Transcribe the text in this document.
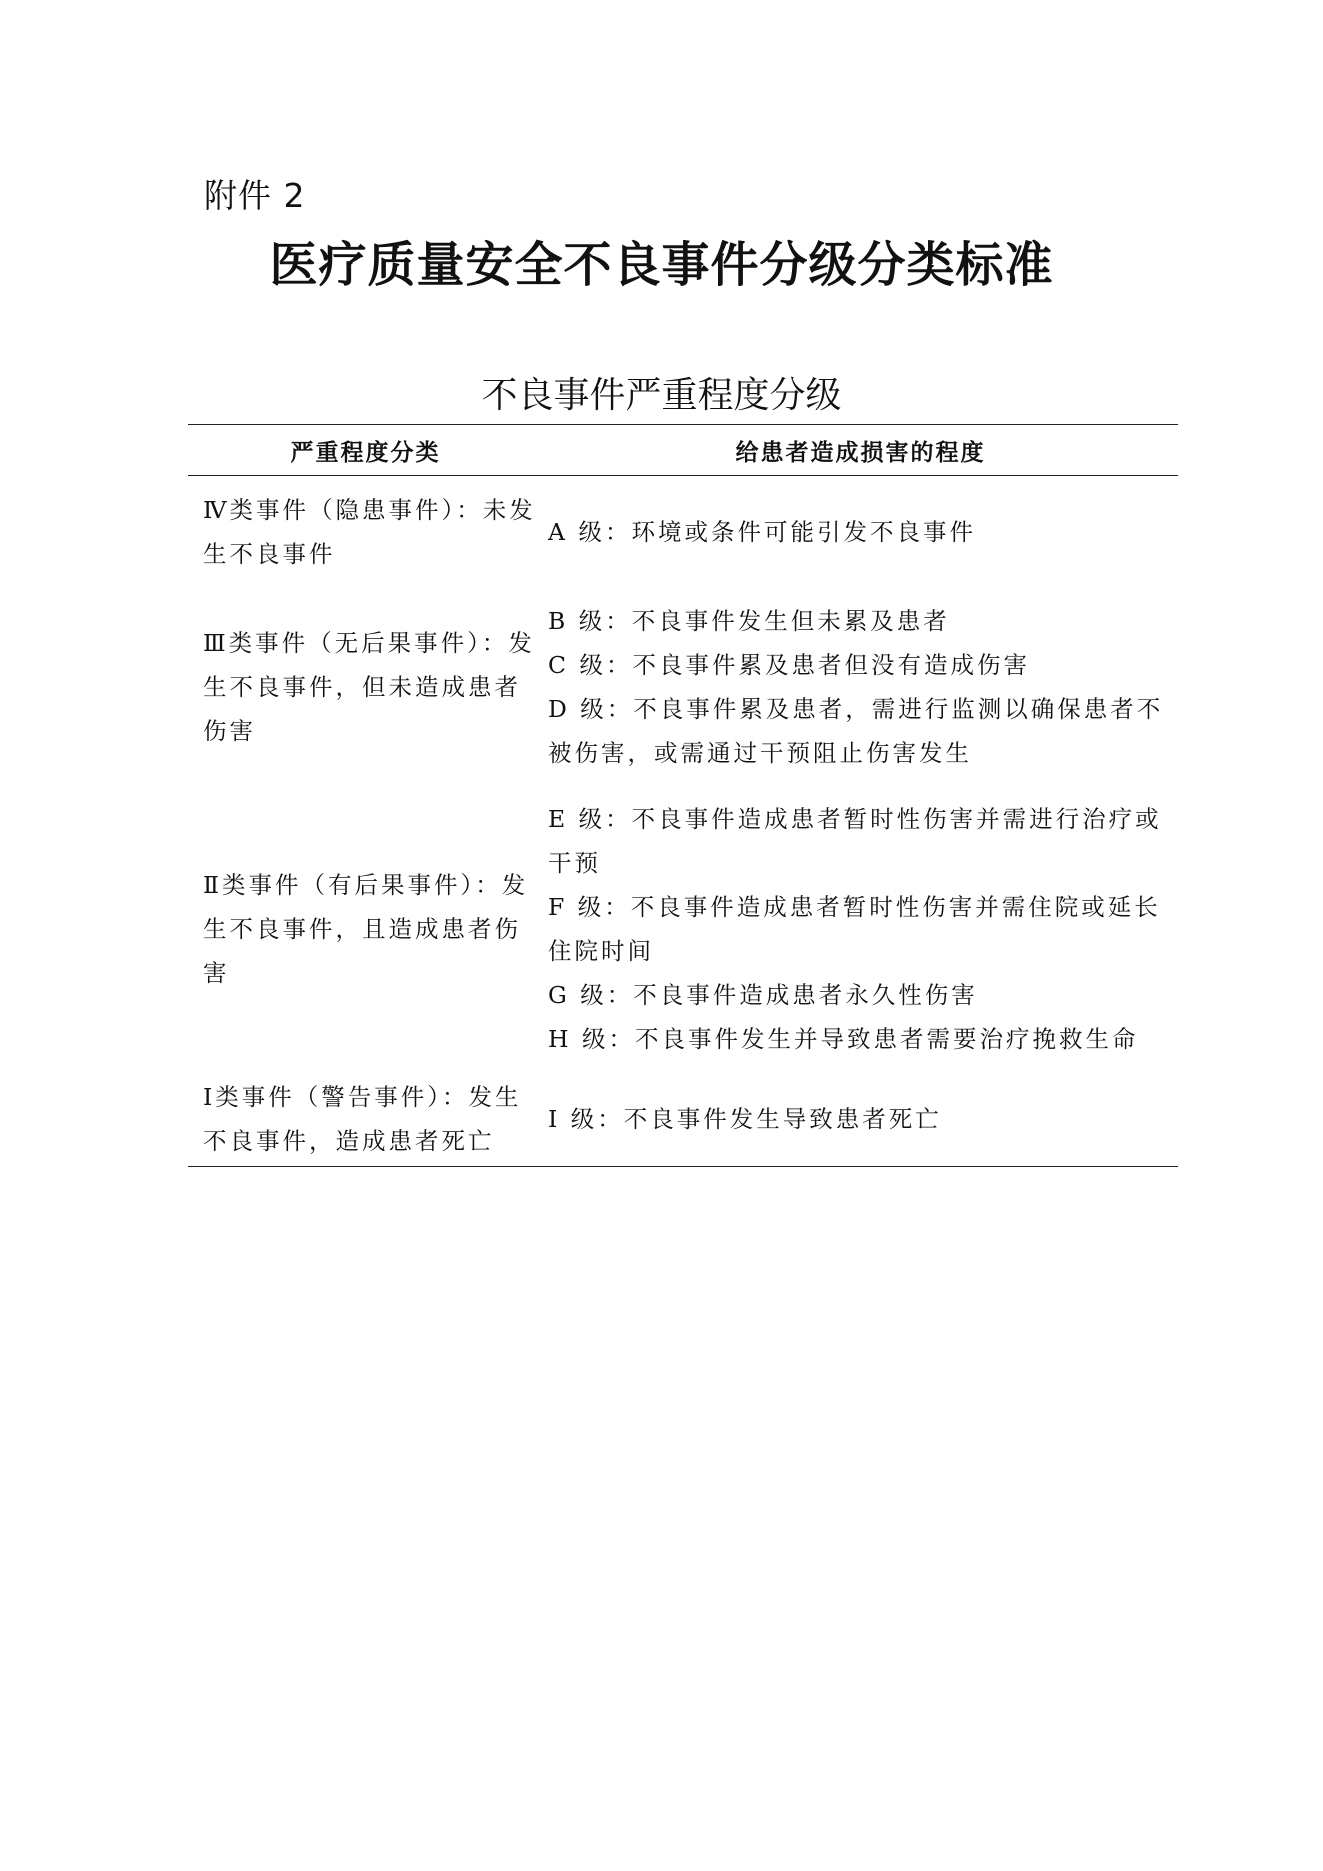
附件 2
医疗质量安全不良事件分级分类标准
不良事件严重程度分级
严重程度分类	给患者造成损害的程度
Ⅳ类事件（隐患事件）：未发生不良事件
A 级：环境或条件可能引发不良事件
Ⅲ类事件（无后果事件）：发生不良事件，但未造成患者伤害
B 级：不良事件发生但未累及患者
C 级：不良事件累及患者但没有造成伤害
D 级：不良事件累及患者，需进行监测以确保患者不被伤害，或需通过干预阻止伤害发生
Ⅱ类事件（有后果事件）：发生不良事件，且造成患者伤害
E 级：不良事件造成患者暂时性伤害并需进行治疗或干预
F 级：不良事件造成患者暂时性伤害并需住院或延长住院时间
G 级：不良事件造成患者永久性伤害
H 级：不良事件发生并导致患者需要治疗挽救生命
Ⅰ类事件（警告事件）：发生不良事件，造成患者死亡
I 级：不良事件发生导致患者死亡
